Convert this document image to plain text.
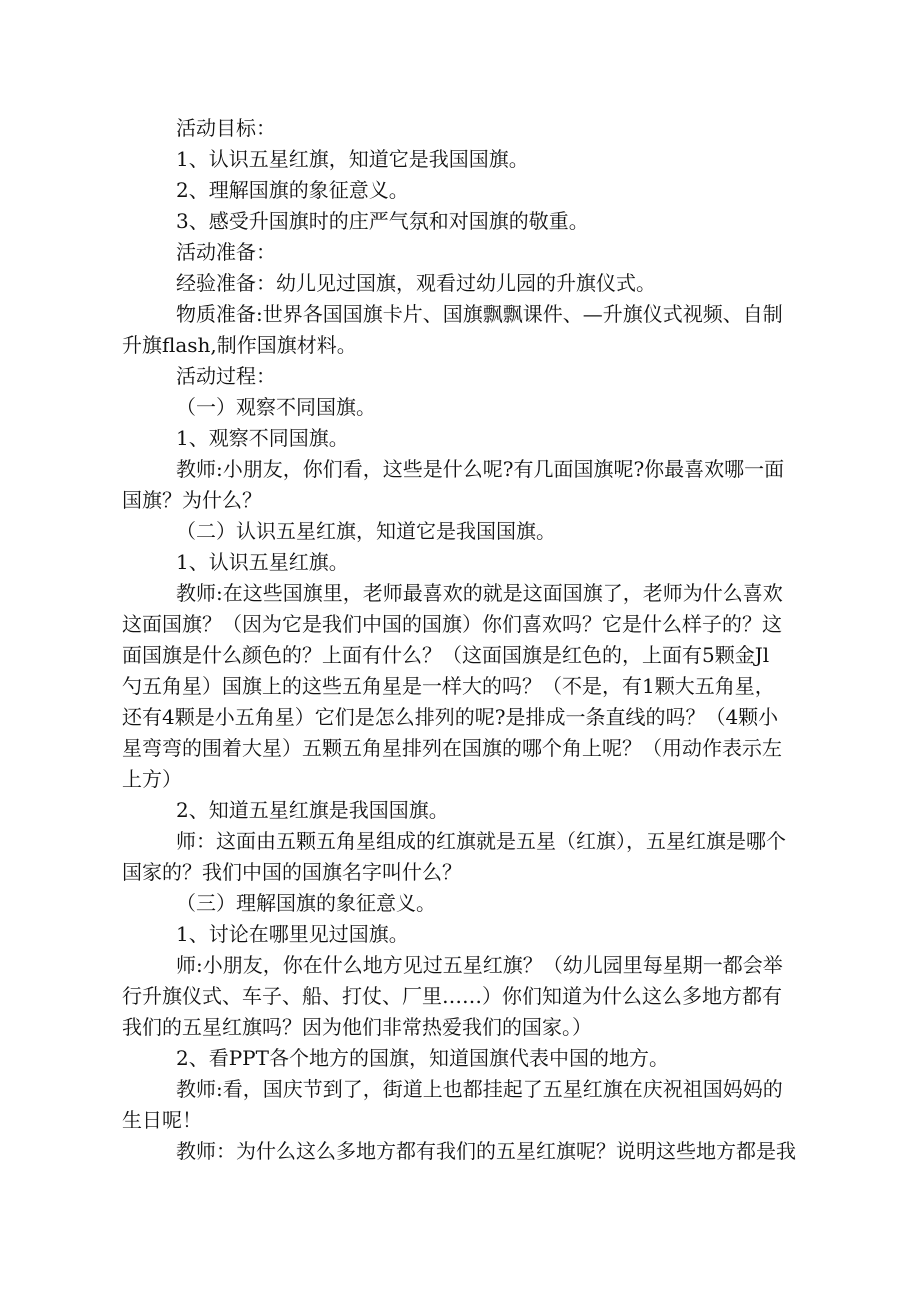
活动目标：
1、认识五星红旗，知道它是我国国旗。
2、理解国旗的象征意义。
3、感受升国旗时的庄严气氛和对国旗的敬重。
活动准备：
经验准备：幼儿见过国旗，观看过幼儿园的升旗仪式。
物质准备:世界各国国旗卡片、国旗飘飘课件、—升旗仪式视频、自制
升旗flash,制作国旗材料。
活动过程：
（一）观察不同国旗。
1、观察不同国旗。
教师:小朋友，你们看，这些是什么呢?有几面国旗呢?你最喜欢哪一面
国旗？为什么？
（二）认识五星红旗，知道它是我国国旗。
1、认识五星红旗。
教师:在这些国旗里，老师最喜欢的就是这面国旗了，老师为什么喜欢
这面国旗？（因为它是我们中国的国旗）你们喜欢吗？它是什么样子的？这
面国旗是什么颜色的？上面有什么？（这面国旗是红色的，上面有5颗金Jl
勺五角星）国旗上的这些五角星是一样大的吗？（不是，有1颗大五角星，
还有4颗是小五角星）它们是怎么排列的呢?是排成一条直线的吗？（4颗小
星弯弯的围着大星）五颗五角星排列在国旗的哪个角上呢？（用动作表示左
上方）
2、知道五星红旗是我国国旗。
师：这面由五颗五角星组成的红旗就是五星（红旗），五星红旗是哪个
国家的？我们中国的国旗名字叫什么？
（三）理解国旗的象征意义。
1、讨论在哪里见过国旗。
师:小朋友，你在什么地方见过五星红旗？（幼儿园里每星期一都会举
行升旗仪式、车子、船、打仗、厂里……）你们知道为什么这么多地方都有
我们的五星红旗吗？因为他们非常热爱我们的国家。）
2、看PPT各个地方的国旗，知道国旗代表中国的地方。
教师:看，国庆节到了，街道上也都挂起了五星红旗在庆祝祖国妈妈的
生日呢！
教师：为什么这么多地方都有我们的五星红旗呢？说明这些地方都是我
